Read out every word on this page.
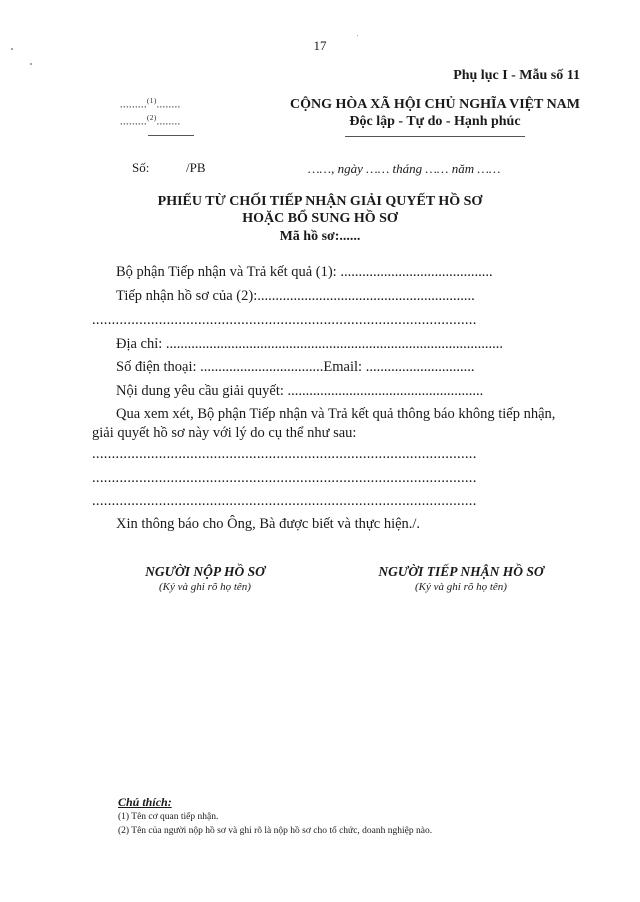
17
Phụ lục I - Mẫu số 11
.........$^{(1)}$........
.........$^{(2)}$........
CỘNG HÒA XÃ HỘI CHỦ NGHĨA VIỆT NAM
Độc lập - Tự do - Hạnh phúc
Số:	/PB	……, ngày …… tháng …… năm ……
PHIẾU TỪ CHỐI TIẾP NHẬN GIẢI QUYẾT HỒ SƠ
HOẶC BỔ SUNG HỒ SƠ
Mã hồ sơ:......
Bộ phận Tiếp nhận và Trả kết quả (1): ..........................................
Tiếp nhận hồ sơ của (2):............................................................
..................................................................................................
Địa chỉ: .............................................................................................
Số điện thoại: ..................................Email: ..............................
Nội dung yêu cầu giải quyết: ......................................................
Qua xem xét, Bộ phận Tiếp nhận và Trả kết quả thông báo không tiếp nhận,
giải quyết hồ sơ này với lý do cụ thể như sau:
..................................................................................................
..................................................................................................
..................................................................................................
Xin thông báo cho Ông, Bà được biết và thực hiện./.
NGƯỜI NỘP HỒ SƠ
(Ký và ghi rõ họ tên)
NGƯỜI TIẾP NHẬN HỒ SƠ
(Ký và ghi rõ họ tên)
Chú thích:
(1) Tên cơ quan tiếp nhận.
(2) Tên của người nộp hồ sơ và ghi rõ là nộp hồ sơ cho tổ chức, doanh nghiệp nào.
